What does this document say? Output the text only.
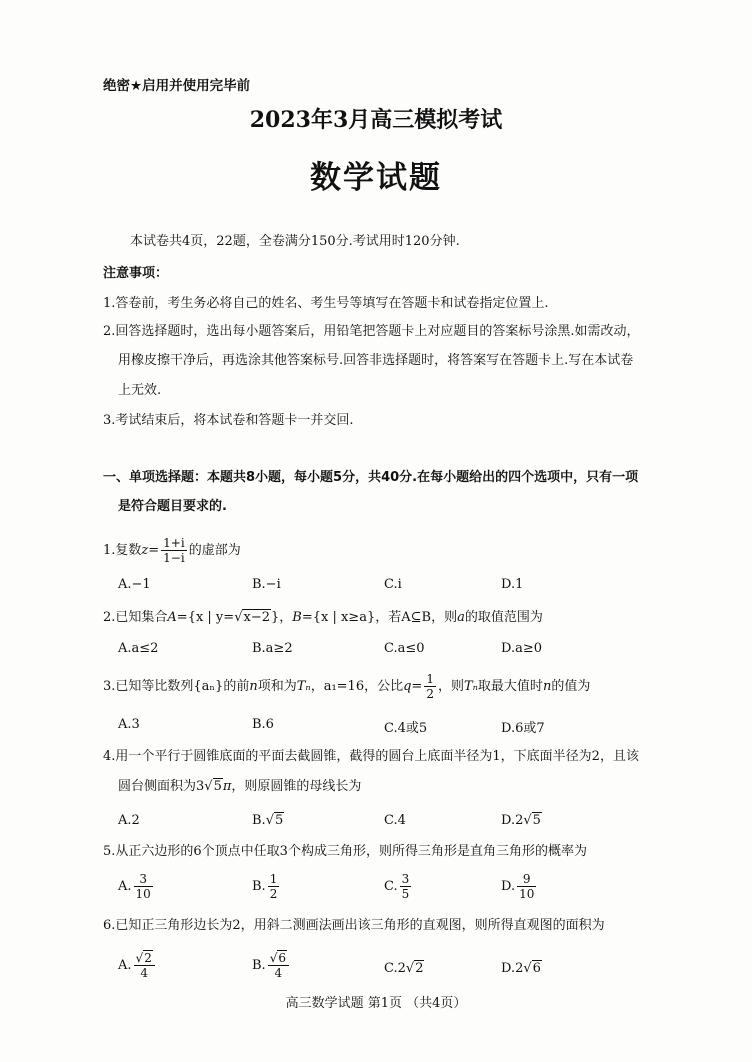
绝密★启用并使用完毕前
2023年3月高三模拟考试
数学试题
本试卷共4页，22题，全卷满分150分.考试用时120分钟.
注意事项：
1.答卷前，考生务必将自己的姓名、考生号等填写在答题卡和试卷指定位置上.
2.回答选择题时，选出每小题答案后，用铅笔把答题卡上对应题目的答案标号涂黑.如需改动，
用橡皮擦干净后，再选涂其他答案标号.回答非选择题时，将答案写在答题卡上.写在本试卷
上无效.
3.考试结束后，将本试卷和答题卡一并交回.
一、单项选择题：本题共8小题，每小题5分，共40分.在每小题给出的四个选项中，只有一项
是符合题目要求的.
1.复数$z= \frac{1+i}{1-i}$ 的虚部为
A.−1	B.−i	C.i	D.1
2.已知集合A={x | y=√x−2}，B={x | x≥a}，若A⊆B，则a的取值范围为
A.a≤2	B.a≥2	C.a≤0	D.a≥0
3.已知等比数列{aₙ}的前n项和为Tₙ，a₁=16，公比$q= \frac{1}{2}$ ，则Tₙ取最大值时n的值为
A.3	B.6	C.4或5	D.6或7
4.用一个平行于圆锥底面的平面去截圆锥，截得的圆台上底面半径为1，下底面半径为2，且该
圆台侧面积为3√5π，则原圆锥的母线长为
A.2	B.√5	C.4	D.2√5
5.从正六边形的6个顶点中任取3个构成三角形，则所得三角形是直角三角形的概率为
A. $\frac{3}{10}$	B. $\frac{1}{2}$	C. $\frac{3}{5}$	D. $\frac{9}{10}$
6.已知正三角形边长为2，用斜二测画法画出该三角形的直观图，则所得直观图的面积为
A. $\frac{√2}{4}$	B. $\frac{√6}{4}$	C.2√2	D.2√6
高三数学试题 第1页 （共4页）
